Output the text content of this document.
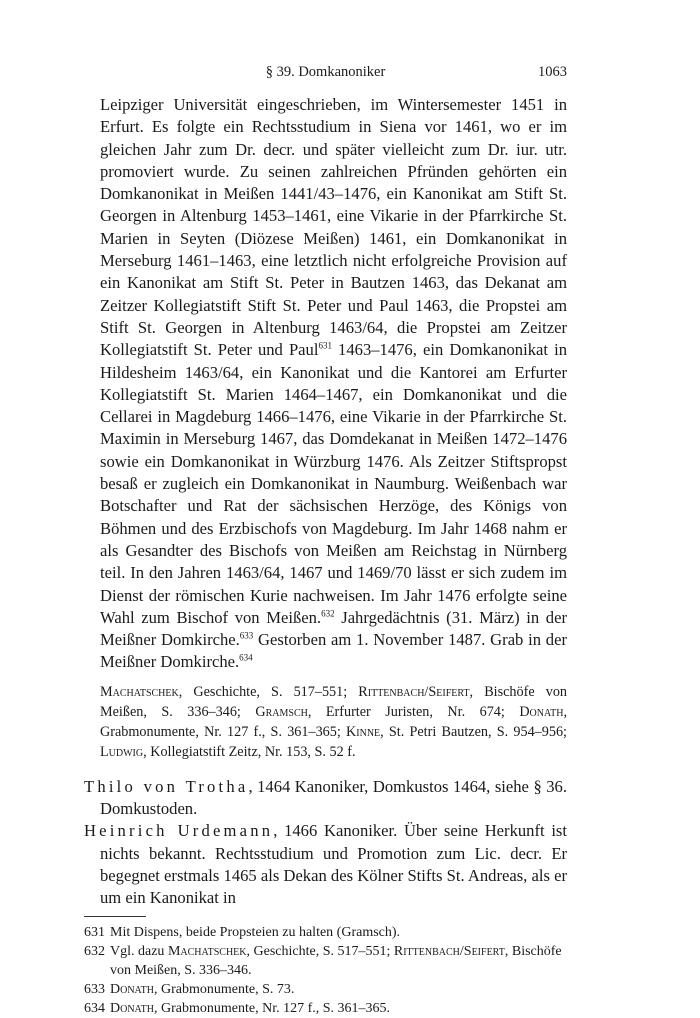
§ 39. Domkanoniker	1063

Leipziger Universität eingeschrieben, im Wintersemester 1451 in Erfurt. Es folgte ein Rechtsstudium in Siena vor 1461, wo er im gleichen Jahr zum Dr. decr. und später vielleicht zum Dr. iur. utr. promoviert wurde. Zu seinen zahlreichen Pfründen gehörten ein Domkanonikat in Meißen 1441/43–1476, ein Kanonikat am Stift St. Georgen in Altenburg 1453–1461, eine Vikarie in der Pfarrkirche St. Marien in Seyten (Diözese Meißen) 1461, ein Domkanonikat in Merseburg 1461–1463, eine letztlich nicht erfolgreiche Provision auf ein Kanonikat am Stift St. Peter in Bautzen 1463, das Dekanat am Zeitzer Kollegiatstift Stift St. Peter und Paul 1463, die Propstei am Stift St. Georgen in Altenburg 1463/64, die Propstei am Zeitzer Kollegiatstift St. Peter und Paul$^{631}$ 1463–1476, ein Domkanonikat in Hildesheim 1463/64, ein Kanonikat und die Kantorei am Erfurter Kollegiatstift St. Marien 1464–1467, ein Domkanonikat und die Cellarei in Magdeburg 1466–1476, eine Vikarie in der Pfarrkirche St. Maximin in Merseburg 1467, das Domdekanat in Meißen 1472–1476 sowie ein Domkanonikat in Würzburg 1476. Als Zeitzer Stiftspropst besaß er zugleich ein Domkanonikat in Naumburg. Weißenbach war Botschafter und Rat der sächsischen Herzöge, des Königs von Böhmen und des Erzbischofs von Magdeburg. Im Jahr 1468 nahm er als Gesandter des Bischofs von Meißen am Reichstag in Nürnberg teil. In den Jahren 1463/64, 1467 und 1469/70 lässt er sich zudem im Dienst der römischen Kurie nachweisen. Im Jahr 1476 erfolgte seine Wahl zum Bischof von Meißen.$^{632}$ Jahrgedächtnis (31. März) in der Meißner Domkirche.$^{633}$ Gestorben am 1. November 1487. Grab in der Meißner Domkirche.$^{634}$

Machatschek, Geschichte, S. 517–551; Rittenbach/Seifert, Bischöfe von Meißen, S. 336–346; Gramsch, Erfurter Juristen, Nr. 674; Donath, Grabmonumente, Nr. 127 f., S. 361–365; Kinne, St. Petri Bautzen, S. 954–956; Ludwig, Kollegiatstift Zeitz, Nr. 153, S. 52 f.

Thilo von Trotha, 1464 Kanoniker, Domkustos 1464, siehe § 36. Domkustoden.

Heinrich Urdemann, 1466 Kanoniker. Über seine Herkunft ist nichts bekannt. Rechtsstudium und Promotion zum Lic. decr. Er begegnet erstmals 1465 als Dekan des Kölner Stifts St. Andreas, als er um ein Kanonikat in

631 Mit Dispens, beide Propsteien zu halten (Gramsch).

632 Vgl. dazu Machatschek, Geschichte, S. 517–551; Rittenbach/Seifert, Bischöfe von Meißen, S. 336–346.

633 Donath, Grabmonumente, S. 73.

634 Donath, Grabmonumente, Nr. 127 f., S. 361–365.
